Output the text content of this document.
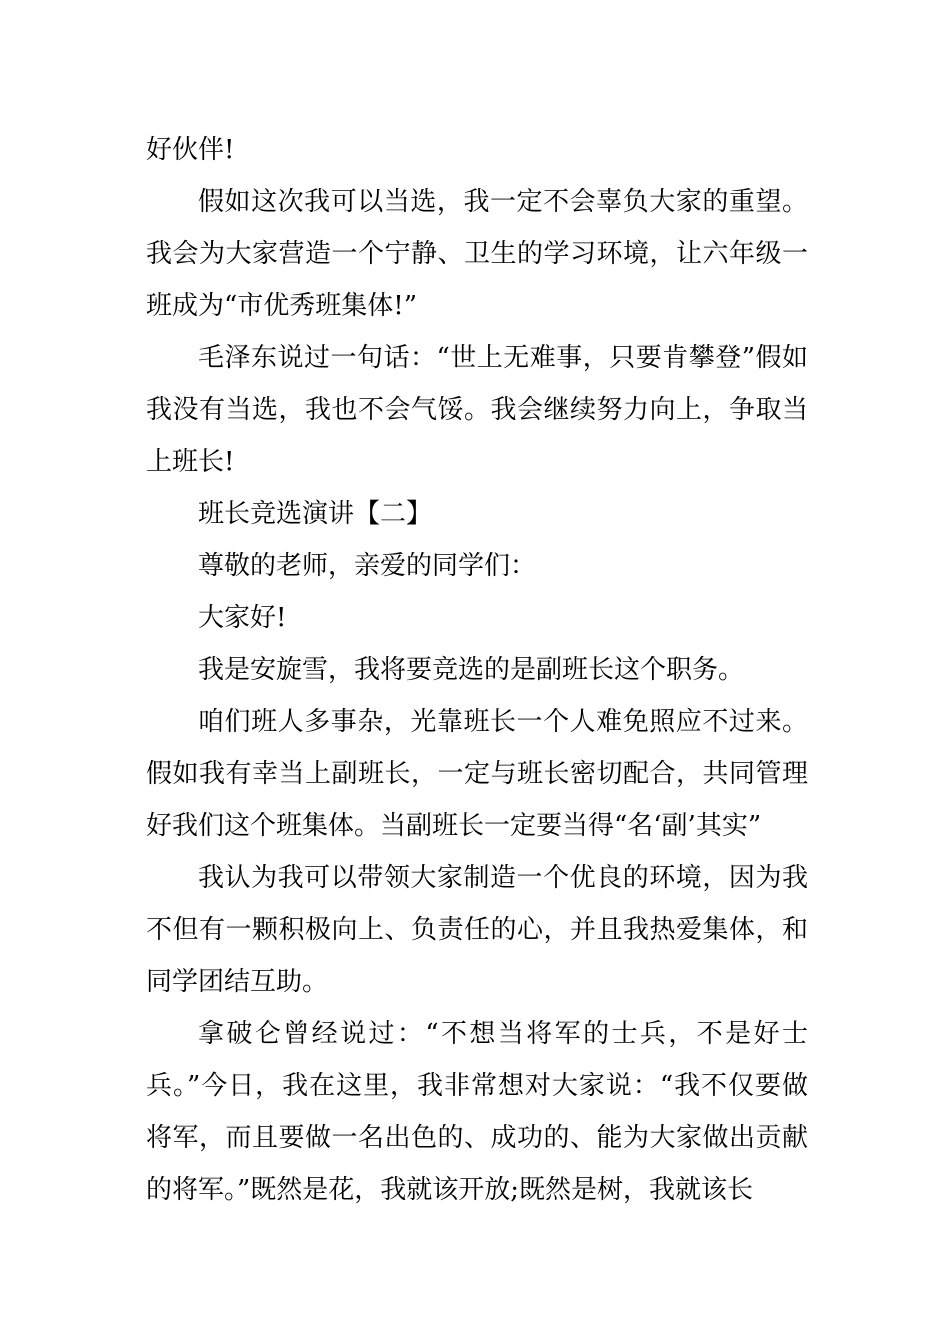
好伙伴!

假如这次我可以当选，我一定不会辜负大家的重望。我会为大家营造一个宁静、卫生的学习环境，让六年级一班成为“市优秀班集体!”

毛泽东说过一句话：“世上无难事，只要肯攀登”假如我没有当选，我也不会气馁。我会继续努力向上，争取当上班长!

班长竞选演讲【二】

尊敬的老师，亲爱的同学们：

大家好!

我是安旋雪，我将要竞选的是副班长这个职务。

咱们班人多事杂，光靠班长一个人难免照应不过来。假如我有幸当上副班长，一定与班长密切配合，共同管理好我们这个班集体。当副班长一定要当得“名‘副’其实”

我认为我可以带领大家制造一个优良的环境，因为我不但有一颗积极向上、负责任的心，并且我热爱集体，和同学团结互助。

拿破仑曾经说过：“不想当将军的士兵，不是好士兵。”今日，我在这里，我非常想对大家说：“我不仅要做将军，而且要做一名出色的、成功的、能为大家做出贡献的将军。”既然是花，我就该开放;既然是树，我就该长
